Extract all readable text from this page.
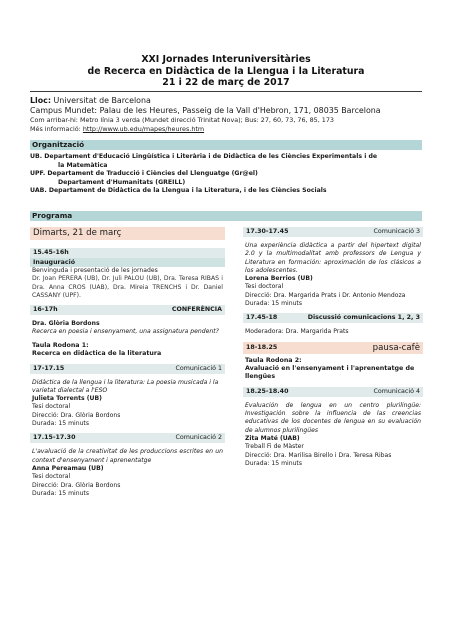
XXI Jornades Interuniversitàries
de Recerca en Didàctica de la Llengua i la Literatura
21 i 22 de març de 2017
Lloc: Universitat de Barcelona
Campus Mundet: Palau de les Heures, Passeig de la Vall d'Hebron, 171, 08035 Barcelona
Com arribar-hi: Metro línia 3 verda (Mundet direcció Trinitat Nova); Bus: 27, 60, 73, 76, 85, 173
Més informació: http://www.ub.edu/mapes/heures.htm
Organització
UB. Departament d'Educació Lingüística i Literària i de Didàctica de les Ciències Experimentals i de
la Matemàtica
UPF. Departament de Traducció i Ciències del Llenguatge (Gr@el)
Departament d'Humanitats (GREILL)
UAB. Departament de Didàctica de la Llengua i la Literatura, i de les Ciències Socials
Programa
Dimarts, 21 de març
15.45-16h
Inauguració
Benvinguda i presentació de les jornades
Dr. Joan PERERA (UB), Dr. Juli PALOU (UB), Dra. Teresa RIBAS i Dra. Anna CROS (UAB), Dra. Mireia TRENCHS i Dr. Daniel CASSANY (UPF).
16-17h	CONFERÈNCIA
Dra. Glòria Bordons
Recerca en poesia i ensenyament, una assignatura pendent?
Taula Rodona 1:
Recerca en didàctica de la literatura
17-17.15	Comunicació 1
Didàctica de la llengua i la literatura: La poesia musicada i la varietat dialectal a l'ESO
Julieta Torrents (UB)
Tesi doctoral
Direcció: Dra. Glòria Bordons
Durada: 15 minuts
17.15-17.30	Comunicació 2
L'avaluació de la creativitat de les produccions escrites en un context d'ensenyament i aprenentatge
Anna Pereamau (UB)
Tesi doctoral
Direcció: Dra. Glòria Bordons
Durada: 15 minuts
17.30-17.45	Comunicació 3
Una experiència didàctica a partir del hipertext digital 2.0 y la multimodalitat amb professors de Lengua y Literatura en formación: aproximación de los clásicos a los adolescentes.
Lorena Berrios (UB)
Tesi doctoral
Direcció: Dra. Margarida Prats i Dr. Antonio Mendoza
Durada: 15 minuts
17.45-18	Discussió comunicacions 1, 2, 3
Moderadora: Dra. Margarida Prats
18-18.25	pausa-cafè
Taula Rodona 2:
Avaluació en l'ensenyament i l'aprenentatge de llengües
18.25-18.40	Comunicació 4
Evaluación de lengua en un centro plurilingüe: Investigación sobre la influencia de las creencias educativas de los docentes de lengua en su evaluación de alumnos plurilingües
Zita Maté (UAB)
Treball Fi de Màster
Direcció: Dra. Marilisa Birello i Dra. Teresa Ribas
Durada: 15 minuts
